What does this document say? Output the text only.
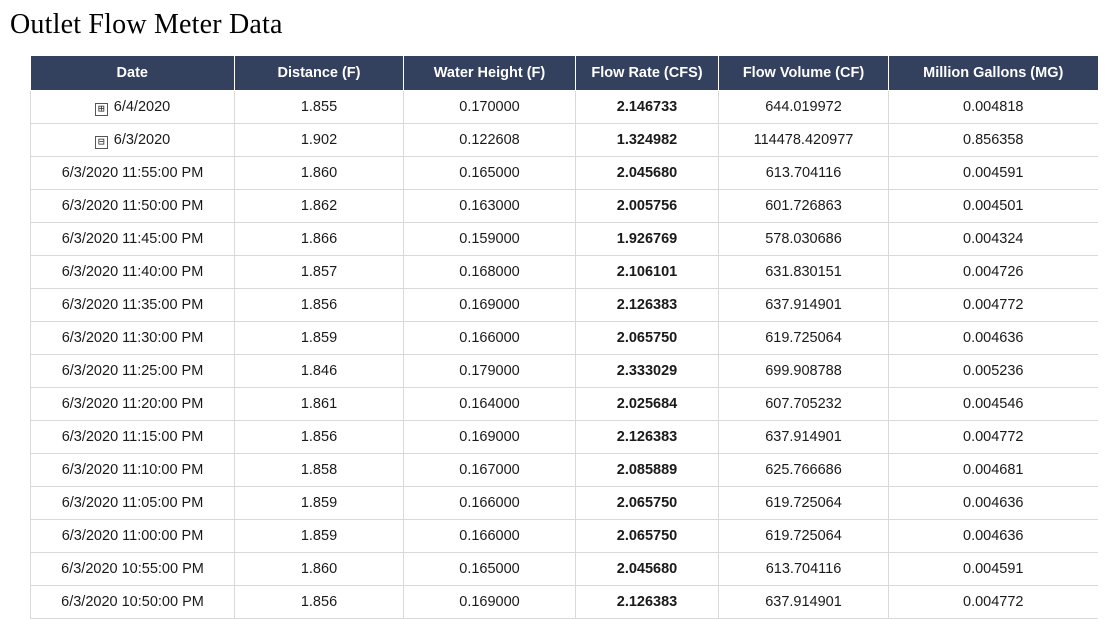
Outlet Flow Meter Data
Date	Distance (F)	Water Height (F)	Flow Rate (CFS)	Flow Volume (CF)	Million Gallons (MG)
⊞ 6/4/2020	1.855	0.170000	2.146733	644.019972	0.004818
⊟ 6/3/2020	1.902	0.122608	1.324982	114478.420977	0.856358
6/3/2020 11:55:00 PM	1.860	0.165000	2.045680	613.704116	0.004591
6/3/2020 11:50:00 PM	1.862	0.163000	2.005756	601.726863	0.004501
6/3/2020 11:45:00 PM	1.866	0.159000	1.926769	578.030686	0.004324
6/3/2020 11:40:00 PM	1.857	0.168000	2.106101	631.830151	0.004726
6/3/2020 11:35:00 PM	1.856	0.169000	2.126383	637.914901	0.004772
6/3/2020 11:30:00 PM	1.859	0.166000	2.065750	619.725064	0.004636
6/3/2020 11:25:00 PM	1.846	0.179000	2.333029	699.908788	0.005236
6/3/2020 11:20:00 PM	1.861	0.164000	2.025684	607.705232	0.004546
6/3/2020 11:15:00 PM	1.856	0.169000	2.126383	637.914901	0.004772
6/3/2020 11:10:00 PM	1.858	0.167000	2.085889	625.766686	0.004681
6/3/2020 11:05:00 PM	1.859	0.166000	2.065750	619.725064	0.004636
6/3/2020 11:00:00 PM	1.859	0.166000	2.065750	619.725064	0.004636
6/3/2020 10:55:00 PM	1.860	0.165000	2.045680	613.704116	0.004591
6/3/2020 10:50:00 PM	1.856	0.169000	2.126383	637.914901	0.004772
